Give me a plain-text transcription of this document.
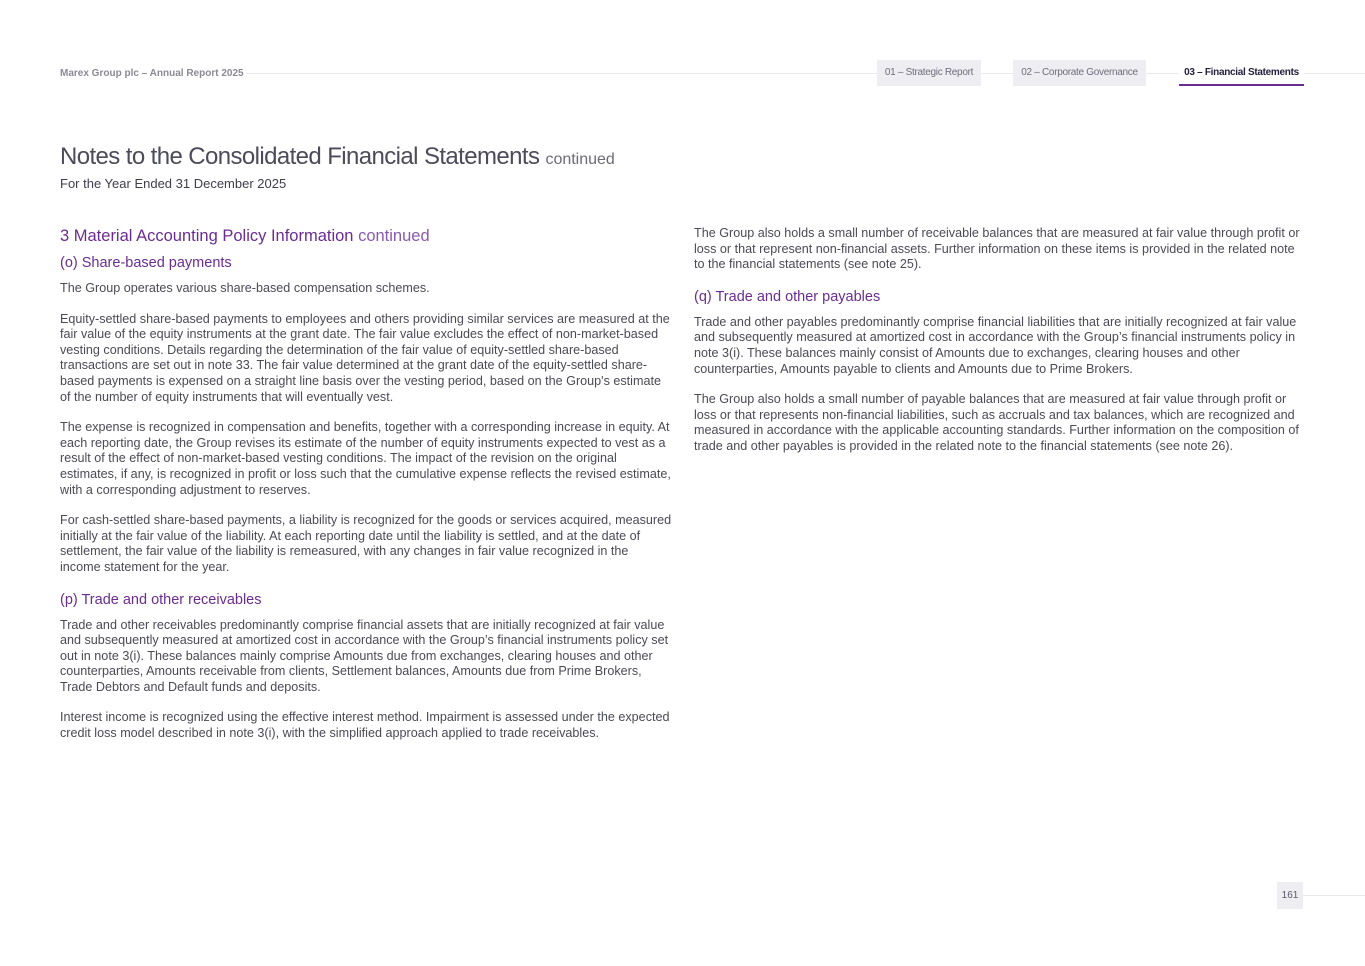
Marex Group plc – Annual Report 2025	01 – Strategic Report	02 – Corporate Governance	03 – Financial Statements
Notes to the Consolidated Financial Statements continued
For the Year Ended 31 December 2025
3 Material Accounting Policy Information continued
(o) Share-based payments

The Group operates various share-based compensation schemes.

Equity-settled share-based payments to employees and others providing similar services are measured at the fair value of the equity instruments at the grant date. The fair value excludes the effect of non-market-based vesting conditions. Details regarding the determination of the fair value of equity-settled share-based transactions are set out in note 33. The fair value determined at the grant date of the equity-settled share-based payments is expensed on a straight line basis over the vesting period, based on the Group's estimate of the number of equity instruments that will eventually vest.

The expense is recognized in compensation and benefits, together with a corresponding increase in equity. At each reporting date, the Group revises its estimate of the number of equity instruments expected to vest as a result of the effect of non-market-based vesting conditions. The impact of the revision on the original estimates, if any, is recognized in profit or loss such that the cumulative expense reflects the revised estimate, with a corresponding adjustment to reserves.

For cash-settled share-based payments, a liability is recognized for the goods or services acquired, measured initially at the fair value of the liability. At each reporting date until the liability is settled, and at the date of settlement, the fair value of the liability is remeasured, with any changes in fair value recognized in the income statement for the year.

(p) Trade and other receivables

Trade and other receivables predominantly comprise financial assets that are initially recognized at fair value and subsequently measured at amortized cost in accordance with the Group’s financial instruments policy set out in note 3(i). These balances mainly comprise Amounts due from exchanges, clearing houses and other counterparties, Amounts receivable from clients, Settlement balances, Amounts due from Prime Brokers, Trade Debtors and Default funds and deposits.

Interest income is recognized using the effective interest method. Impairment is assessed under the expected credit loss model described in note 3(i), with the simplified approach applied to trade receivables.

The Group also holds a small number of receivable balances that are measured at fair value through profit or loss or that represent non-financial assets. Further information on these items is provided in the related note to the financial statements (see note 25).

(q) Trade and other payables

Trade and other payables predominantly comprise financial liabilities that are initially recognized at fair value and subsequently measured at amortized cost in accordance with the Group’s financial instruments policy in note 3(i). These balances mainly consist of Amounts due to exchanges, clearing houses and other counterparties, Amounts payable to clients and Amounts due to Prime Brokers.

The Group also holds a small number of payable balances that are measured at fair value through profit or loss or that represents non-financial liabilities, such as accruals and tax balances, which are recognized and measured in accordance with the applicable accounting standards. Further information on the composition of trade and other payables is provided in the related note to the financial statements (see note 26).

161
